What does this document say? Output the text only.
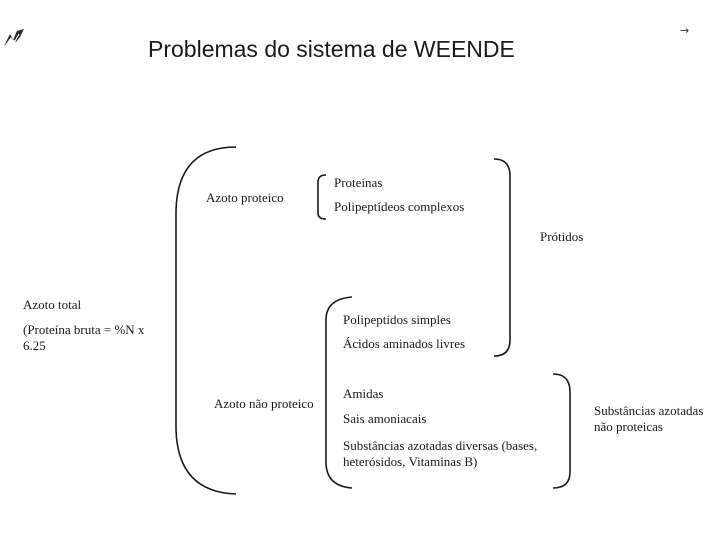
→
Problemas do sistema de WEENDE
Azoto total
(Proteína bruta = %N x
6.25
Azoto proteico
Proteínas
Polipeptídeos complexos
Azoto não proteico
Polipeptídos simples
Ácidos aminados livres
Amidas
Sais amoniacais
Substâncias azotadas diversas (bases,
heterósidos, Vitaminas B)
Prótidos
Substâncias azotadas
não proteicas
